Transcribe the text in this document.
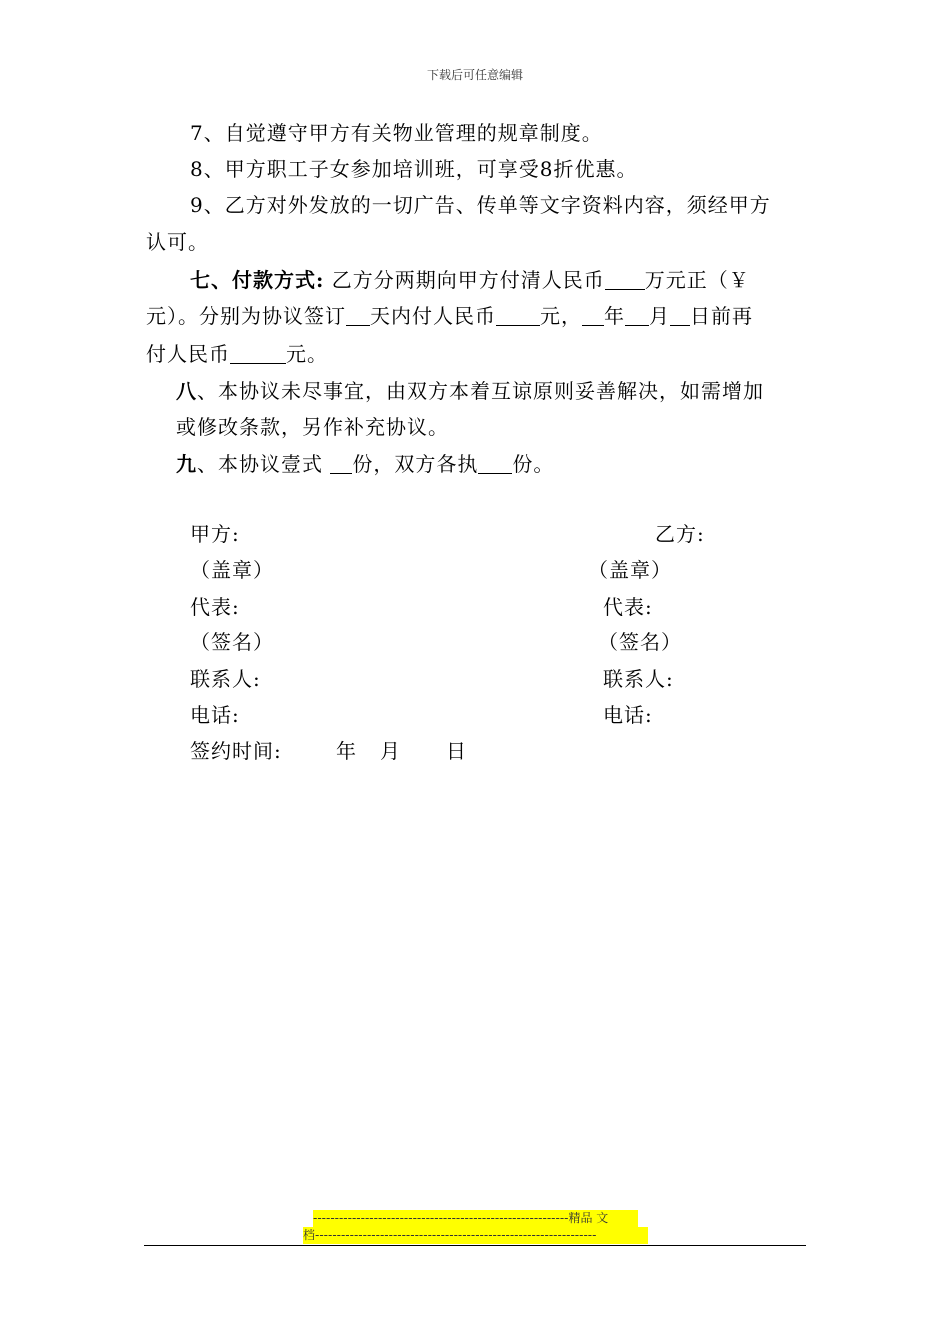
下载后可任意编辑
7、自觉遵守甲方有关物业管理的规章制度。
8、甲方职工子女参加培训班，可享受8折优惠。
9、乙方对外发放的一切广告、传单等文字资料内容，须经甲方
认可。
七、付款方式: 乙方分两期向甲方付清人民币 万元正（￥
元）。分别为协议签订 天内付人民币 元， 年 月 日前再
付人民币	元。
八、本协议未尽事宜，由双方本着互谅原则妥善解决，如需增加
或修改条款，另作补充协议。
九、本协议壹式 份，双方各执 份。
甲方:	乙方:
（盖章）	（盖章）
代表:	代表:
（签名）	（签名）
联系人:	联系人:
电话:	电话:
签约时间:	年 月 日
-----------------------------------------------------------精品 文
档-----------------------------------------------------------------
